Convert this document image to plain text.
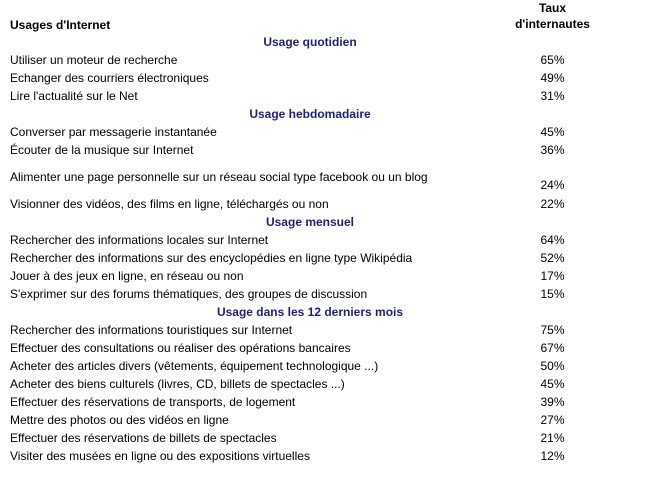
Usages d'Internet	Taux
d'internautes

Usage quotidien	
Utiliser un moteur de recherche	65%
Echanger des courriers électroniques	49%
Lire l'actualité sur le Net	31%
Usage hebdomadaire	
Converser par messagerie instantanée	45%
Écouter de la musique sur Internet	36%
Alimenter une page personnelle sur un réseau social type facebook ou un blog	24%
Visionner des vidéos, des films en ligne, téléchargés ou non	22%
Usage mensuel	
Rechercher des informations locales sur Internet	64%
Rechercher des informations sur des encyclopédies en ligne type Wikipédia	52%
Jouer à des jeux en ligne, en réseau ou non	17%
S'exprimer sur des forums thématiques, des groupes de discussion	15%
Usage dans les 12 derniers mois	
Rechercher des informations touristiques sur Internet	75%
Effectuer des consultations ou réaliser des opérations bancaires	67%
Acheter des articles divers (vêtements, équipement technologique ...)	50%
Acheter des biens culturels (livres, CD, billets de spectacles ...)	45%
Effectuer des réservations de transports, de logement	39%
Mettre des photos ou des vidéos en ligne	27%
Effectuer des réservations de billets de spectacles	21%
Visiter des musées en ligne ou des expositions virtuelles	12%
